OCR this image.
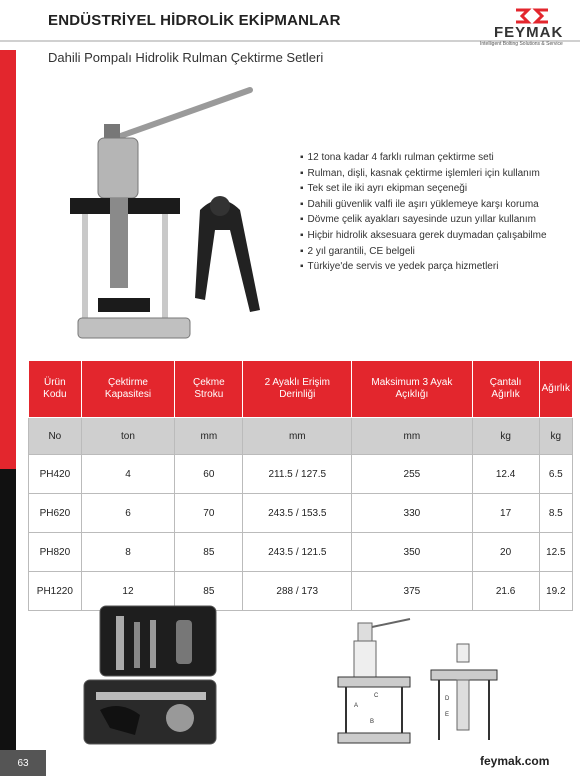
ENDÜSTRİYEL HİDROLİK EKİPMANLAR
FEYMAK
Intelligent Bolting Solutions & Service
Dahili Pompalı Hidrolik Rulman Çektirme Setleri
▪ 12 tona kadar 4 farklı rulman çektirme seti
▪ Rulman, dişli, kasnak çektirme işlemleri için kullanım
▪ Tek set ile iki ayrı ekipman seçeneği
▪ Dahili güvenlik valfi ile aşırı yüklemeye karşı koruma
▪ Dövme çelik ayakları sayesinde uzun yıllar kullanım
▪ Hiçbir hidrolik aksesuara gerek duymadan çalışabilme
▪ 2 yıl garantili, CE belgeli
▪ Türkiye'de servis ve yedek parça hizmetleri
Ürün Kodu	Çektirme Kapasitesi	Çekme Stroku	2 Ayaklı Erişim Derinliği	Maksimum 3 Ayak Açıklığı	Çantalı Ağırlık	Ağırlık
No	ton	mm	mm	mm	kg	kg
PH420	4	60	211.5 / 127.5	255	12.4	6.5
PH620	6	70	243.5 / 153.5	330	17	8.5
PH820	8	85	243.5 / 121.5	350	20	12.5
PH1220	12	85	288 / 173	375	21.6	19.2
A
B
C	D
E
63	feymak.com
